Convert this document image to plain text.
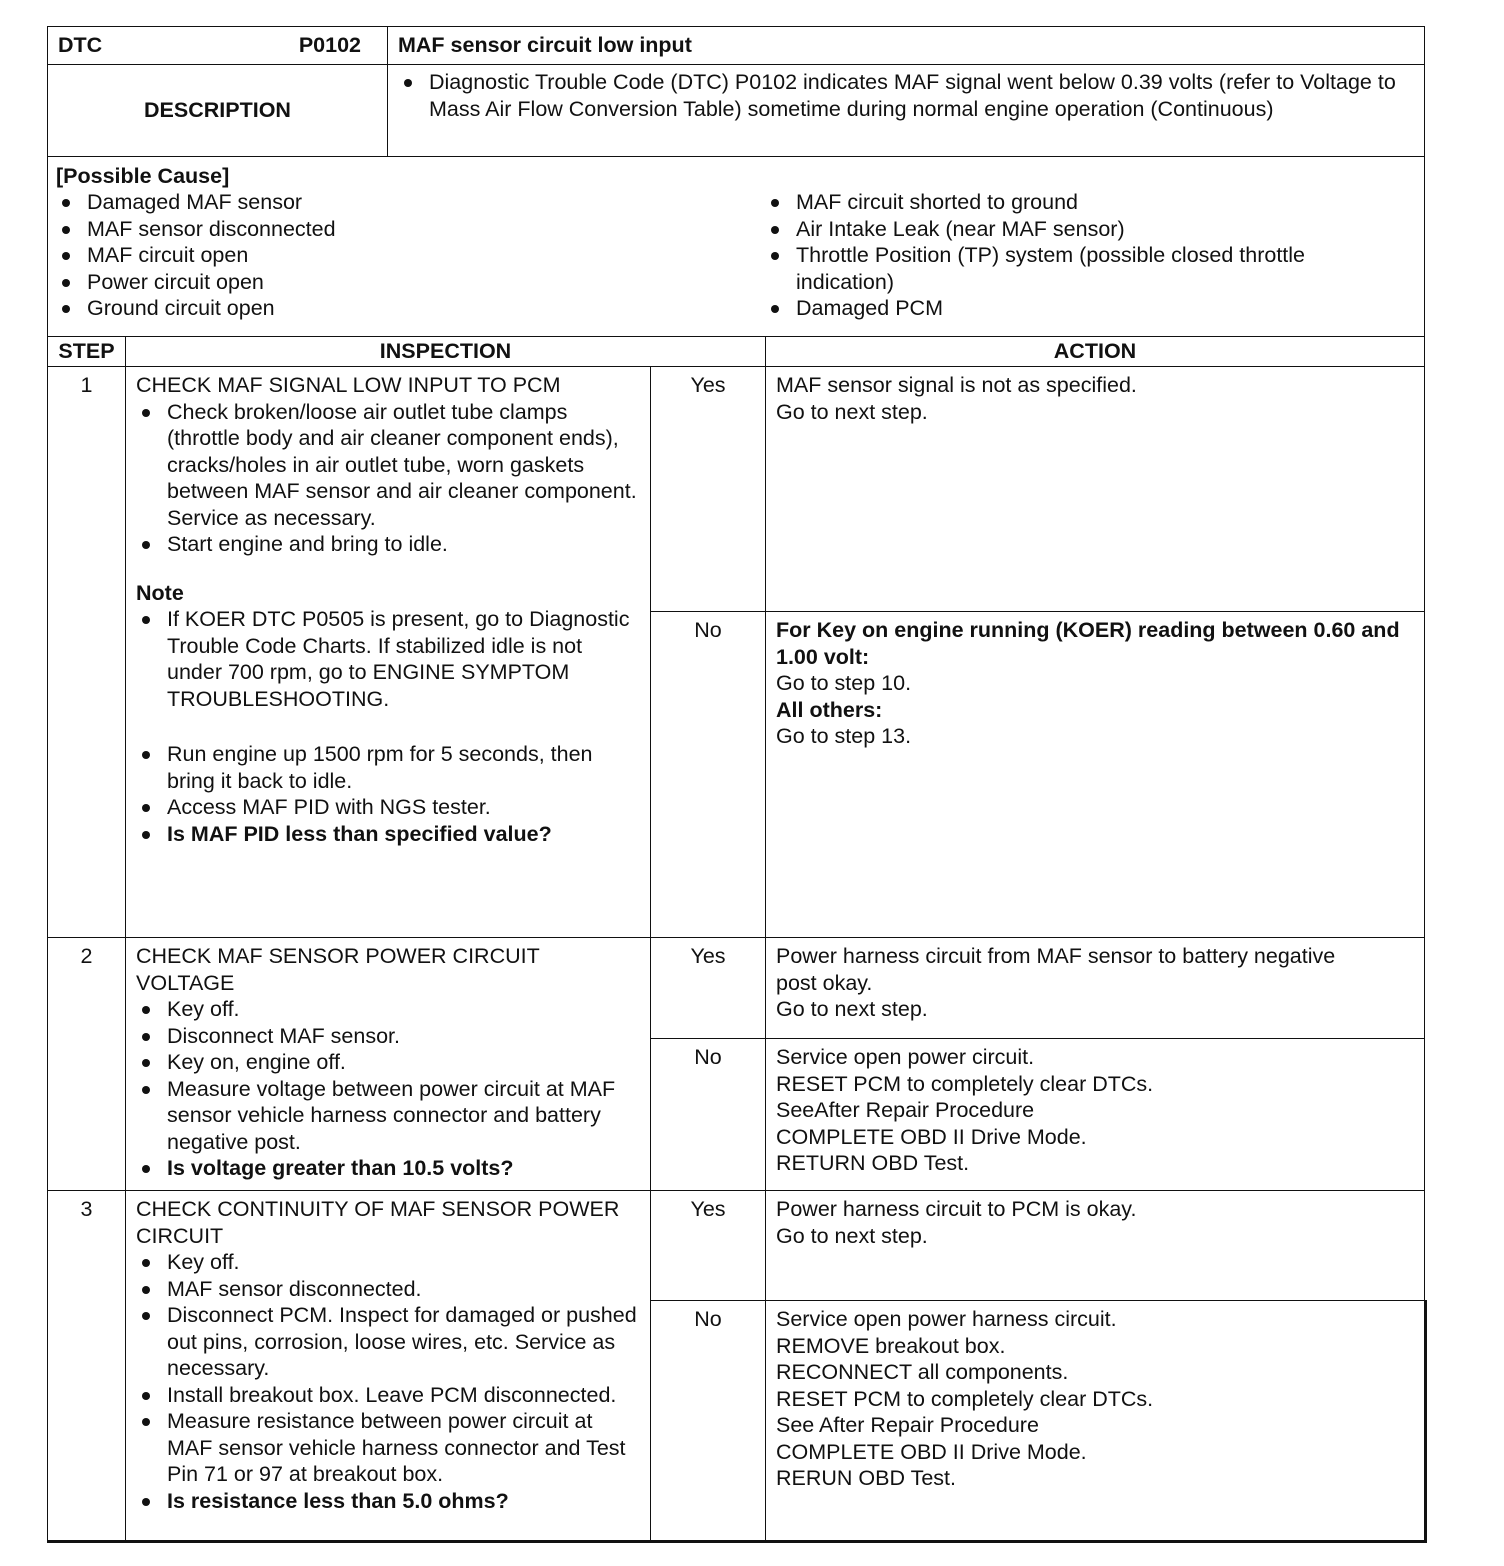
DTC	P0102	MAF sensor circuit low input
DESCRIPTION
Diagnostic Trouble Code (DTC) P0102 indicates MAF signal went below 0.39 volts (refer to Voltage to Mass Air Flow Conversion Table) sometime during normal engine operation (Continuous)
[Possible Cause]
Damaged MAF sensor
MAF sensor disconnected
MAF circuit open
Power circuit open
Ground circuit open
MAF circuit shorted to ground
Air Intake Leak (near MAF sensor)
Throttle Position (TP) system (possible closed throttle indication)
Damaged PCM
STEP	INSPECTION	ACTION
1	CHECK MAF SIGNAL LOW INPUT TO PCM
Check broken/loose air outlet tube clamps (throttle body and air cleaner component ends), cracks/holes in air outlet tube, worn gaskets between MAF sensor and air cleaner component. Service as necessary.
Start engine and bring to idle.
Note
If KOER DTC P0505 is present, go to Diagnostic Trouble Code Charts. If stabilized idle is not under 700 rpm, go to ENGINE SYMPTOM TROUBLESHOOTING.
Run engine up 1500 rpm for 5 seconds, then bring it back to idle.
Access MAF PID with NGS tester.
Is MAF PID less than specified value?
Yes	MAF sensor signal is not as specified.
Go to next step.
No	For Key on engine running (KOER) reading between 0.60 and 1.00 volt:
Go to step 10.
All others:
Go to step 13.
2	CHECK MAF SENSOR POWER CIRCUIT VOLTAGE
Key off.
Disconnect MAF sensor.
Key on, engine off.
Measure voltage between power circuit at MAF sensor vehicle harness connector and battery negative post.
Is voltage greater than 10.5 volts?
Yes	Power harness circuit from MAF sensor to battery negative post okay.
Go to next step.
No	Service open power circuit.
RESET PCM to completely clear DTCs.
SeeAfter Repair Procedure
COMPLETE OBD II Drive Mode.
RETURN OBD Test.
3	CHECK CONTINUITY OF MAF SENSOR POWER CIRCUIT
Key off.
MAF sensor disconnected.
Disconnect PCM. Inspect for damaged or pushed out pins, corrosion, loose wires, etc. Service as necessary.
Install breakout box. Leave PCM disconnected.
Measure resistance between power circuit at MAF sensor vehicle harness connector and Test Pin 71 or 97 at breakout box.
Is resistance less than 5.0 ohms?
Yes	Power harness circuit to PCM is okay.
Go to next step.
No	Service open power harness circuit.
REMOVE breakout box.
RECONNECT all components.
RESET PCM to completely clear DTCs.
See After Repair Procedure
COMPLETE OBD II Drive Mode.
RERUN OBD Test.
